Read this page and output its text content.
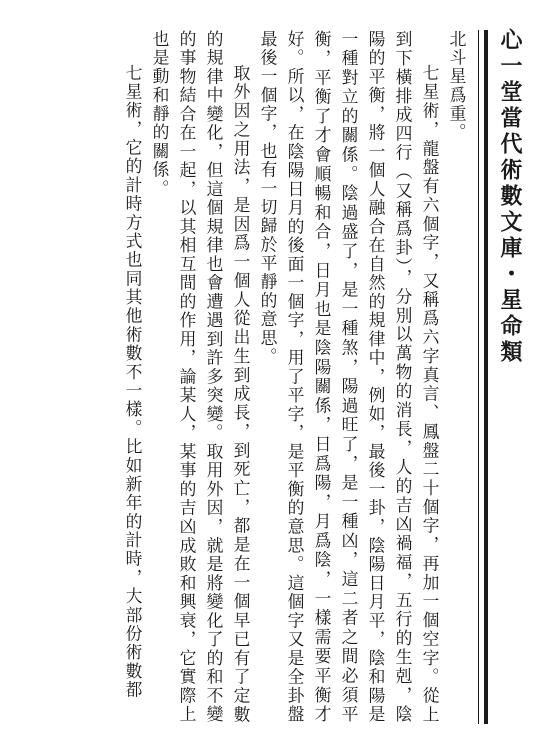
心一堂當代術數文庫・星命類

北斗星爲重。

七星術，龍盤有六個字，又稱爲六字真言、鳳盤二十個字，再加一個空字。從上到下橫排成四行（又稱爲卦），分別以萬物的消長，人的吉凶禍福，五行的生剋，陰陽的平衡，將一個人融合在自然的規律中，例如，最後一卦，陰陽日月平，陰和陽是一種對立的關係。陰過盛了，是一種煞，陽過旺了，是一種凶，這二者之間必須平衡，平衡了才會順暢和合，日月也是陰陽關係，日爲陽，月爲陰，一樣需要平衡才好。所以，在陰陽日月的後面一個字，用了平字，是平衡的意思。這個字又是全卦盤最後一個字，也有一切歸於平靜的意思。

取外因之用法，是因爲一個人從出生到成長，到死亡，都是在一個早已有了定數的規律中變化，但這個規律也會遭遇到許多突變。取用外因，就是將變化了的和不變的事物結合在一起，以其相互間的作用，論某人，某事的吉凶成敗和興衰，它實際上也是動和靜的關係。

七星術，它的計時方式也同其他術數不一樣。比如新年的計時，大部份術數都
